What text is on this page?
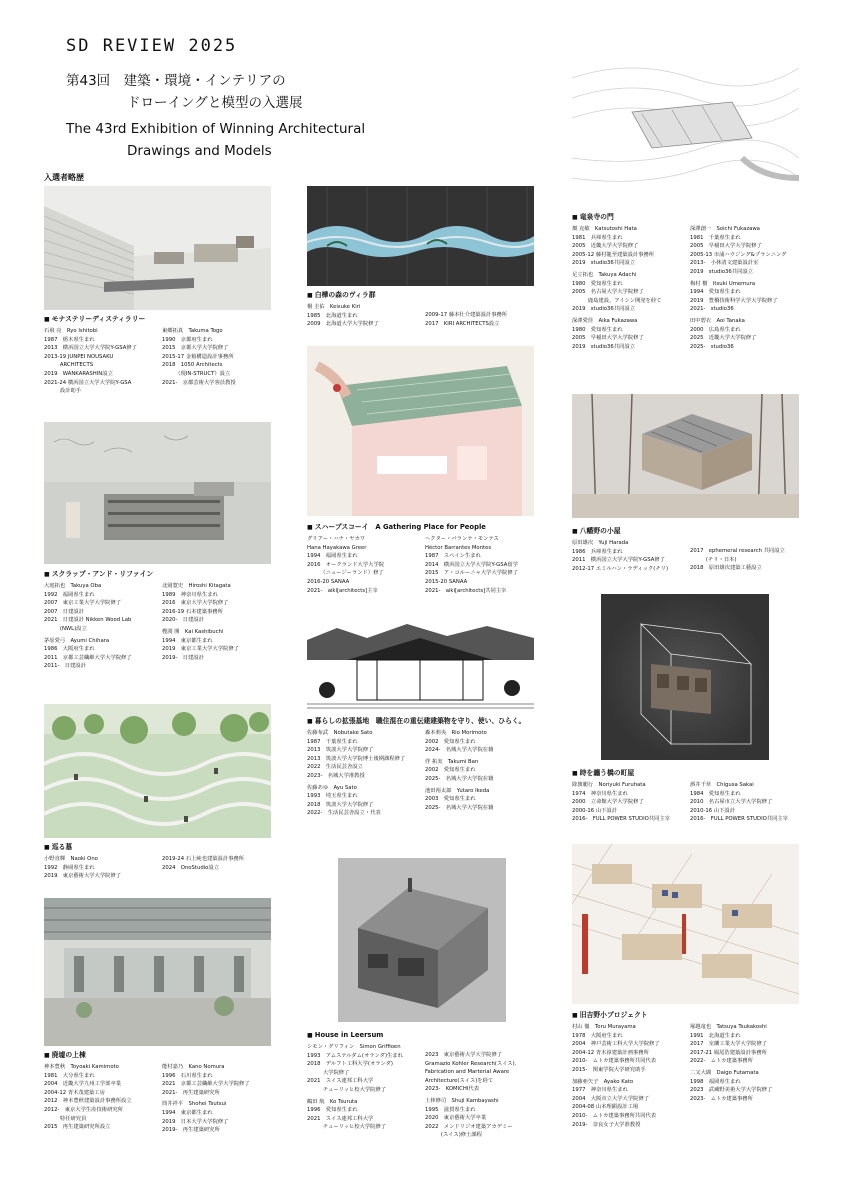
SD REVIEW 2025
第43回　建築・環境・インテリアの
ドローイングと模型の入選展
The 43rd Exhibition of Winning Architectural
Drawings and Models
入選者略歴
■ モナステリーディスティラリー
石飛 亮　Ryo Ishitobi
1987　栃木県生まれ
2013　横浜国立大学大学院Y-GSA修了
2013-19 JUNPEI NOUSAKU
　　　ARCHITECTS
2019　WANKARASHIN設立
2021-24 横浜国立大学大学院Y-GSA
　　　設計助手
東郷拓真　Takuma Togo
1990　京都府生まれ
2015　京都大学大学院修了
2015-17 金箱構造設計事務所
2018　1050 Architects
　　　（現IN-STRUCT）設立
2021-　京都芸術大学客員教授
■ スクラップ・アンド・リファイン
大庭拓也　Takuya Oba
1992　福岡県生まれ
2007　東京工業大学大学院修了
2007　日建設計
2021　日建設計 Nikken Wood Lab
　　　(NWL)設立
茅原愛弓　Ayumi Chihara
1986　大阪府生まれ
2011　京都工芸繊維大学大学院修了
2011-　日建設計
北岡寛史　Hiroshi Kitagata
1989　神奈川県生まれ
2016　東京大学大学院修了
2016-19 石本建築事務所
2020-　日建設計
樫渕 開　Kai Kashibuchi
1994　東京都生まれ
2019　東京工業大学大学院修了
2019-　日建設計
■ 巡る墓
小野直輝　Naoki Ono
1992　静岡県生まれ
2019　東京藝術大学大学院修了
2019-24 石上純也建築設計事務所
2024　OnoStudio設立
■ 廃墟の上棟
神本豊秋　Toyoaki Kamimoto
1981　大分県生まれ
2004　近畿大学九州工学部卒業
2004-12 青木茂建築工房
2012　神本豊秋建築設計事務所設立
2012-　東京大学生産技術研究所
　　　特任研究員
2015　再生建築研究所設立
能村嘉乃　Kano Nomura
1996　石川県生まれ
2021　京都工芸繊維大学大学院修了
2021-　再生建築研究所
筒井祥平　Shohei Tsutsui
1994　東京都生まれ
2019　日本大学大学院修了
2019-　再生建築研究所
■ 白樺の森のヴィラ群
桐 圭佑　Keisuke Kiri
1985　北海道生まれ
2009　北海道大学大学院修了
2009-17 藤本壮介建築設計事務所
2017　KIRI ARCHITECTS設立
■ スハープスコーイ　A Gathering Place for People
グリアー・ハナ・ヤカワ
Hana Hayakawa Greer
1994　福岡県生まれ
2016　オークランド大学大学院
　　　（ニュージーランド）修了
2016-20 SANAA
2021-　aiki[architects]主宰
ヘクター・バランテ・モンテス
Héctor Barrantes Montes
1987　スペイン生まれ
2014　横浜国立大学大学院Y-GSA留学
2015　ア・コルーニャ大学大学院修了
2015-20 SANAA
2021-　aiki[architects]共同主宰
■ 暮らしの拡張基地　職住混在の重伝建建築物を守り、使い、ひらく。
佐藤布武　Nobutake Sato
1987　千葉県生まれ
2013　筑波大学大学院修了
2013　筑波大学大学院博士後期課程修了
2022　生活民芸舎設立
2023-　名城大学准教授
佐藤あゆ　Ayu Sato
1993　埼玉県生まれ
2018　筑波大学大学院修了
2022-　生活民芸舎設立・代表
森本莉央　Rio Morimoto
2002　愛知県生まれ
2024-　名城大学大学院在籍
伴 拓実　Takumi Ban
2002　愛知県生まれ
2025-　名城大学大学院在籍
池田裕太郎　Yutaro Ikeda
2003　愛知県生まれ
2025-　名城大学大学院在籍
■ House in Leersum
シモン・グリフィン　Simon Griffioen
1993　アムステルダム(オランダ)生まれ
2018　デルフト工科大学(オランダ)
　　　大学院修了
2021　スイス連邦工科大学
　　　チューリッヒ校大学院修了
鶴田 航　Ko Tsuruta
1996　愛知県生まれ
2021　スイス連邦工科大学
　　　チューリッヒ校大学院修了
2023　東京藝術大学大学院修了
Gramazio Kohler Research(スイス)、
Fabrication and Marterial Aware
Architecture(スイス)を経て
2023-　KOMICHI代表
上林修司　Shuji Kambayashi
1995　滋賀県生まれ
2020　東京藝術大学卒業
2022　メンドリジオ建築アカデミー
　　　(スイス)修士課程
■ 竜泉寺の門
畑 克敏　Katsutoshi Hata
1981　兵庫県生まれ
2005　近畿大学大学院修了
2005-12 藤村龍至建築設計事務所
2019　studio36共同設立
足立拓也　Takuya Adachi
1980　愛知県生まれ
2005　名古屋大学大学院修了
　　　鹿島建設、アイシン開発を経て
2019　studio36共同設立
深澤愛佳　Aika Fukazawa
1980　愛知県生まれ
2005　早稲田大学大学院修了
2019　studio36共同設立
深澤創一　Soichi Fukazawa
1981　千葉県生まれ
2005　早稲田大学大学院修了
2005-13 市浦ハウジング&プランニング
2013-　小林清文建築設計室
2019　studio36共同設立
梅村 樹　Itsuki Umemura
1994　愛知県生まれ
2019　豊橋技術科学大学大学院修了
2021-　studio36
田中碧衣　Aoi Tanaka
2000　広島県生まれ
2025　近畿大学大学院修了
2025-　studio36
■ 八幡野の小屋
原田雄次　Yuji Harada
1986　兵庫県生まれ
2011　横浜国立大学大学院Y-GSA修了
2012-17 エミルハン・ラディック(チリ)
2017　ephemeral research 共同設立
　　　(チリ・日本)
2018　原田雄次建築工藝設立
■ 時を纏う橋の町屋
降旗範行　Noriyuki Furuhata
1974　神奈川県生まれ
2000　立命館大学大学院修了
2000-16 山下設計
2016-　FULL POWER STUDIO共同主宰
酒井千草　Chigusa Sakai
1984　愛知県生まれ
2010　名古屋市立大学大学院修了
2010-16 山下設計
2016-　FULL POWER STUDIO共同主宰
■ 旧吉野小プロジェクト
村山 徹　Toru Murayama
1978　大阪府生まれ
2004　神戸芸術工科大学大学院修了
2004-12 青木淳建築計画事務所
2010-　ムトカ建築事務所共同代表
2015-　関東学院大学研究助手
加藤亜矢子　Ayako Kato
1977　神奈川県生まれ
2004　大阪市立大学大学院修了
2004-08 山本理顕設計工場
2010-　ムトカ建築事務所共同代表
2019-　奈良女子大学准教授
塚越竜也　Tatsuya Tsukakoshi
1991　北海道生まれ
2017　室蘭工業大学大学院修了
2017-21 堀尾浩建築設計事務所
2022-　ムトカ建築事務所
二又大瑚　Daigo Futamata
1998　福岡県生まれ
2023　武蔵野美術大学大学院修了
2023-　ムトカ建築事務所
